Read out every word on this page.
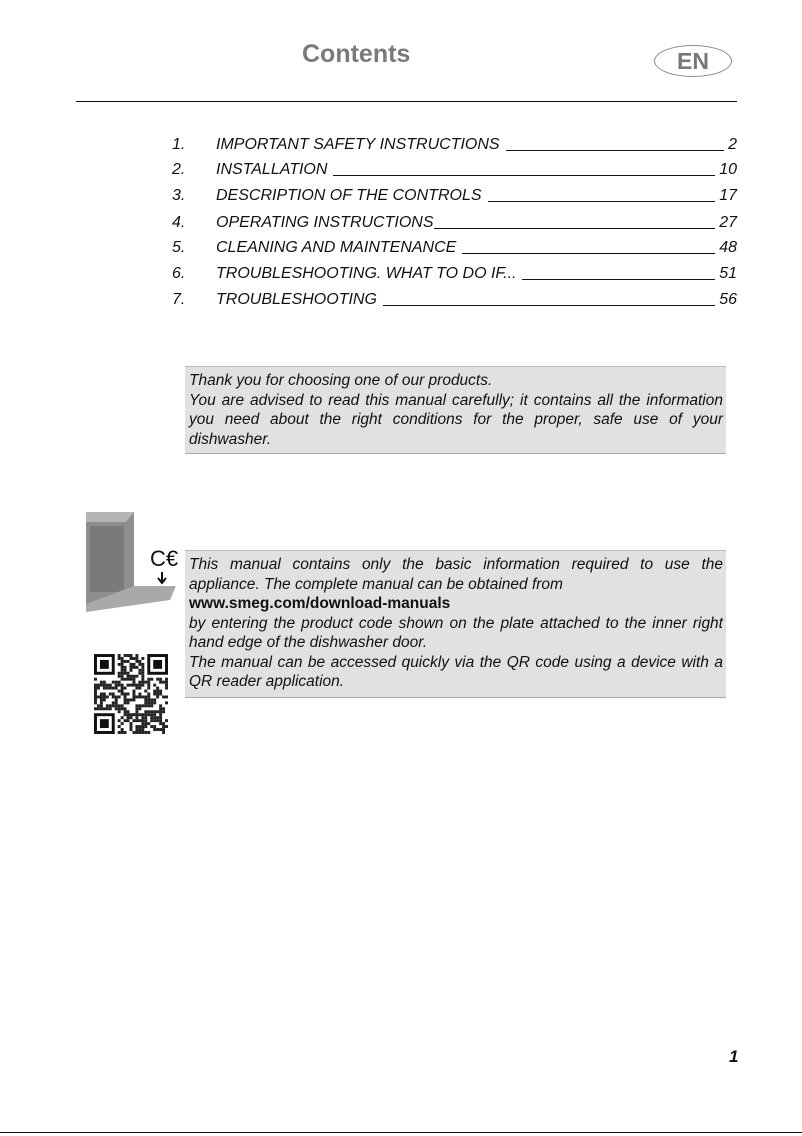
Contents	EN
1.	IMPORTANT SAFETY INSTRUCTIONS	2
2.	INSTALLATION	10
3.	DESCRIPTION OF THE CONTROLS	17
4.	OPERATING INSTRUCTIONS	27
5.	CLEANING AND MAINTENANCE	48
6.	TROUBLESHOOTING. WHAT TO DO IF...	51
7.	TROUBLESHOOTING	56

Thank you for choosing one of our products.

You are advised to read this manual carefully; it contains all the information you need about the right conditions for the proper, safe use of your dishwasher.

C€ This manual contains only the basic information required to use the appliance. The complete manual can be obtained from

www.smeg.com/download-manuals

by entering the product code shown on the plate attached to the inner right hand edge of the dishwasher door.

The manual can be accessed quickly via the QR code using a device with a QR reader application.

1
